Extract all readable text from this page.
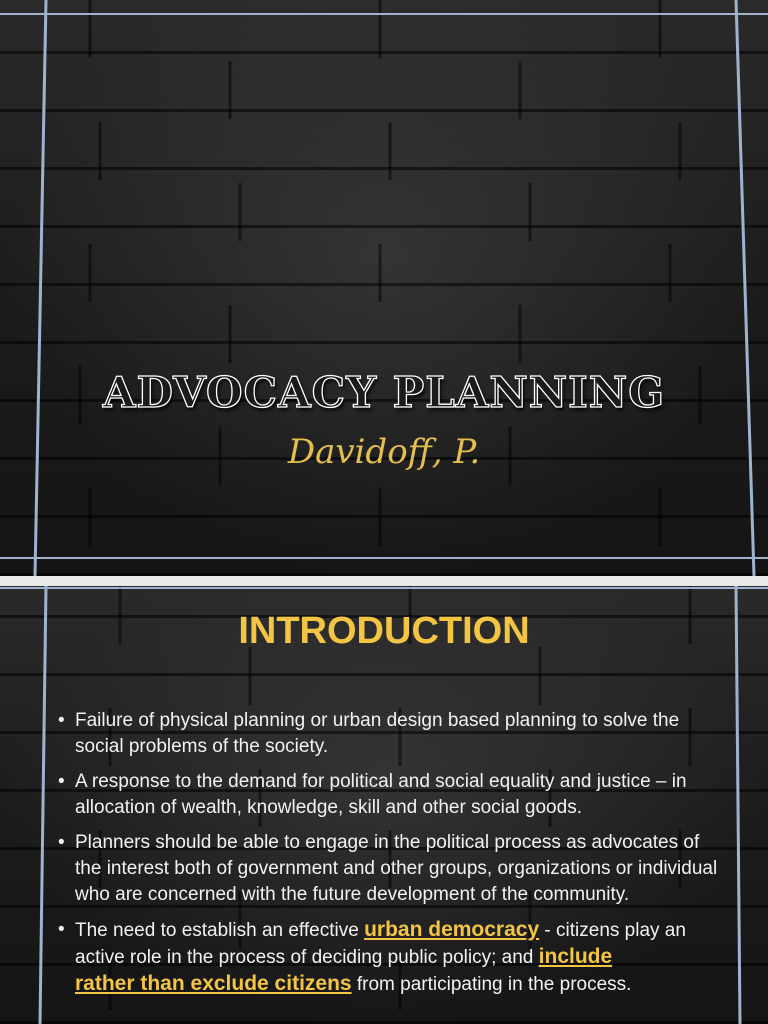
ADVOCACY PLANNING
Davidoff, P.
INTRODUCTION
• Failure of physical planning or urban design based planning to solve the social problems of the society.
• A response to the demand for political and social equality and justice – in allocation of wealth, knowledge, skill and other social goods.
• Planners should be able to engage in the political process as advocates of the interest both of government and other groups, organizations or individual who are concerned with the future development of the community.
• The need to establish an effective urban democracy - citizens play an active role in the process of deciding public policy; and include
rather than exclude citizens from participating in the process.
